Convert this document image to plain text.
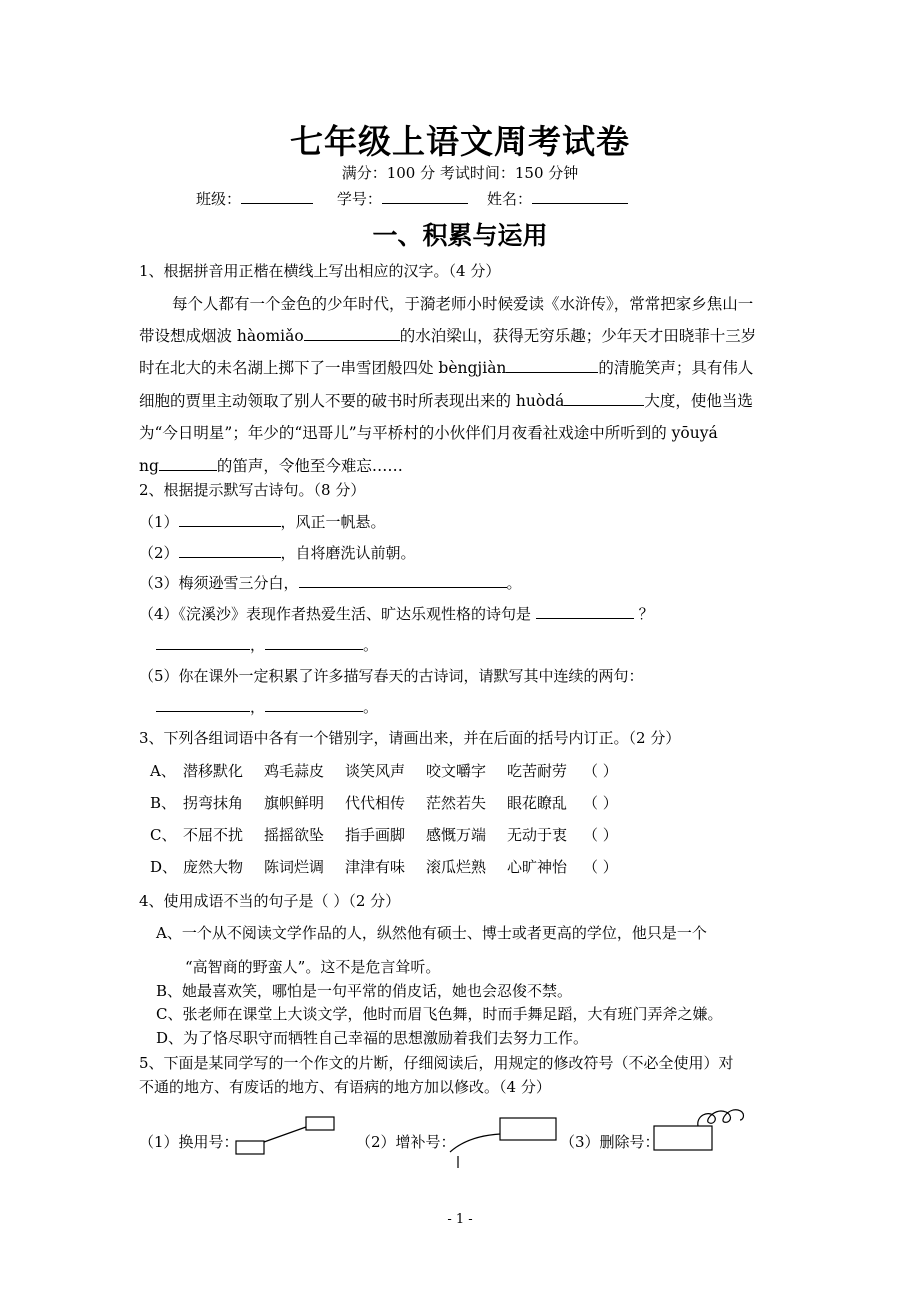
七年级上语文周考试卷
满分：100 分 考试时间：150 分钟
班级：	学号：	姓名：
一、积累与运用
1、根据拼音用正楷在横线上写出相应的汉字。（4 分）
每个人都有一个金色的少年时代，于漪老师小时候爱读《水浒传》，常常把家乡焦山一
带设想成烟波 hàomiǎo	的水泊梁山，获得无穷乐趣；少年天才田晓菲十三岁
时在北大的未名湖上掷下了一串雪团般四处 bèngjiàn	的清脆笑声；具有伟人
细胞的贾里主动领取了别人不要的破书时所表现出来的 huòdá	大度，使他当选
为“今日明星”；年少的“迅哥儿”与平桥村的小伙伴们月夜看社戏途中所听到的 yōuyá
ng	的笛声，令他至今难忘……
2、根据提示默写古诗句。（8 分）
（1）	，风正一帆悬。
（2）	，自将磨洗认前朝。
（3）梅须逊雪三分白，	。
（4）《浣溪沙》表现作者热爱生活、旷达乐观性格的诗句是	？
，	。
（5）你在课外一定积累了许多描写春天的古诗词，请默写其中连续的两句：
，	。
3、下列各组词语中各有一个错别字，请画出来，并在后面的括号内订正。（2 分）
A、 潜移默化 鸡毛蒜皮 谈笑风声 咬文嚼字 吃苦耐劳 （ ）
B、 拐弯抹角 旗帜鲜明 代代相传 茫然若失 眼花瞭乱 （ ）
C、 不屈不扰 摇摇欲坠 指手画脚 感慨万端 无动于衷 （ ）
D、 庞然大物 陈词烂调 津津有味 滚瓜烂熟 心旷神怡 （ ）
4、使用成语不当的句子是（ ）（2 分）
A、一个从不阅读文学作品的人，纵然他有硕士、博士或者更高的学位，他只是一个
“高智商的野蛮人”。这不是危言耸听。
B、她最喜欢笑，哪怕是一句平常的俏皮话，她也会忍俊不禁。
C、张老师在课堂上大谈文学，他时而眉飞色舞，时而手舞足蹈，大有班门弄斧之嫌。
D、为了恪尽职守而牺牲自己幸福的思想激励着我们去努力工作。
5、下面是某同学写的一个作文的片断，仔细阅读后，用规定的修改符号（不必全使用）对
不通的地方、有废话的地方、有语病的地方加以修改。（4 分）
（1）换用号：	（2）增补号：	（3）删除号：
- 1 -
